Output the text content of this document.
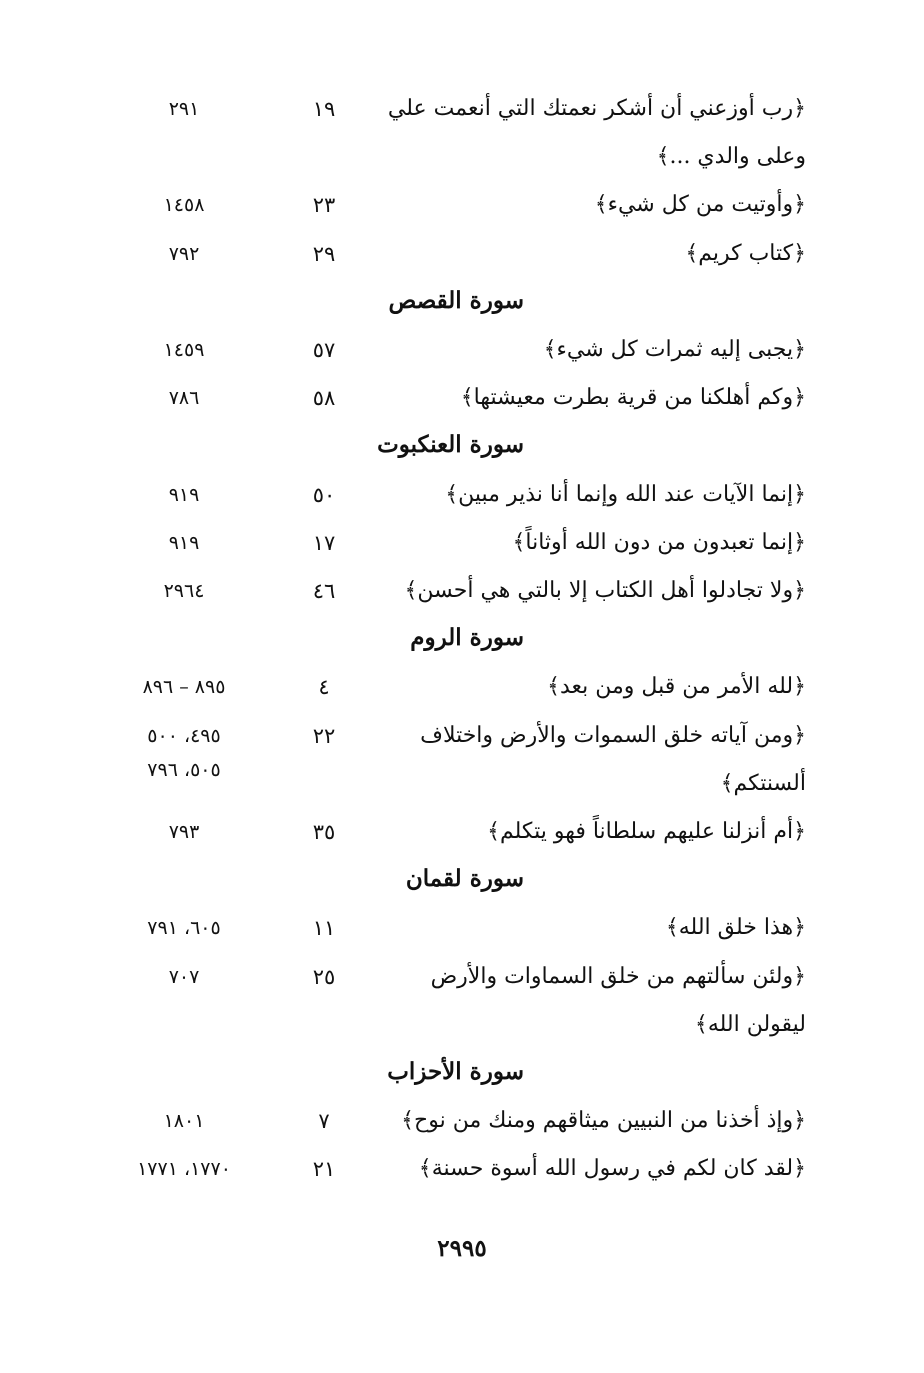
﴿رب أوزعني أن أشكر نعمتك التي أنعمت علي
وعلى والدي ...﴾
١٩
٢٩١
﴿وأوتيت من كل شيء﴾
٢٣
١٤٥٨
﴿كتاب كريم﴾
٢٩
٧٩٢
سورة القصص
﴿يجبى إليه ثمرات كل شيء﴾
٥٧
١٤٥٩
﴿وكم أهلكنا من قرية بطرت معيشتها﴾
٥٨
٧٨٦
سورة العنكبوت
﴿إنما الآيات عند الله وإنما أنا نذير مبين﴾
٥٠
٩١٩
﴿إنما تعبدون من دون الله أوثاناً﴾
١٧
٩١٩
﴿ولا تجادلوا أهل الكتاب إلا بالتي هي أحسن﴾
٤٦
٢٩٦٤
سورة الروم
﴿لله الأمر من قبل ومن بعد﴾
٤
٨٩٥ – ٨٩٦
﴿ومن آياته خلق السموات والأرض واختلاف
ألسنتكم﴾
٢٢
٤٩٥، ٥٠٠
٥٠٥، ٧٩٦
﴿أم أنزلنا عليهم سلطاناً فهو يتكلم﴾
٣٥
٧٩٣
سورة لقمان
﴿هذا خلق الله﴾
١١
٦٠٥، ٧٩١
﴿ولئن سألتهم من خلق السماوات والأرض
ليقولن الله﴾
٢٥
٧٠٧
سورة الأحزاب
﴿وإذ أخذنا من النبيين ميثاقهم ومنك من نوح﴾
٧
١٨٠١
﴿لقد كان لكم في رسول الله أسوة حسنة﴾
٢١
١٧٧٠، ١٧٧١
٢٩٩٥
